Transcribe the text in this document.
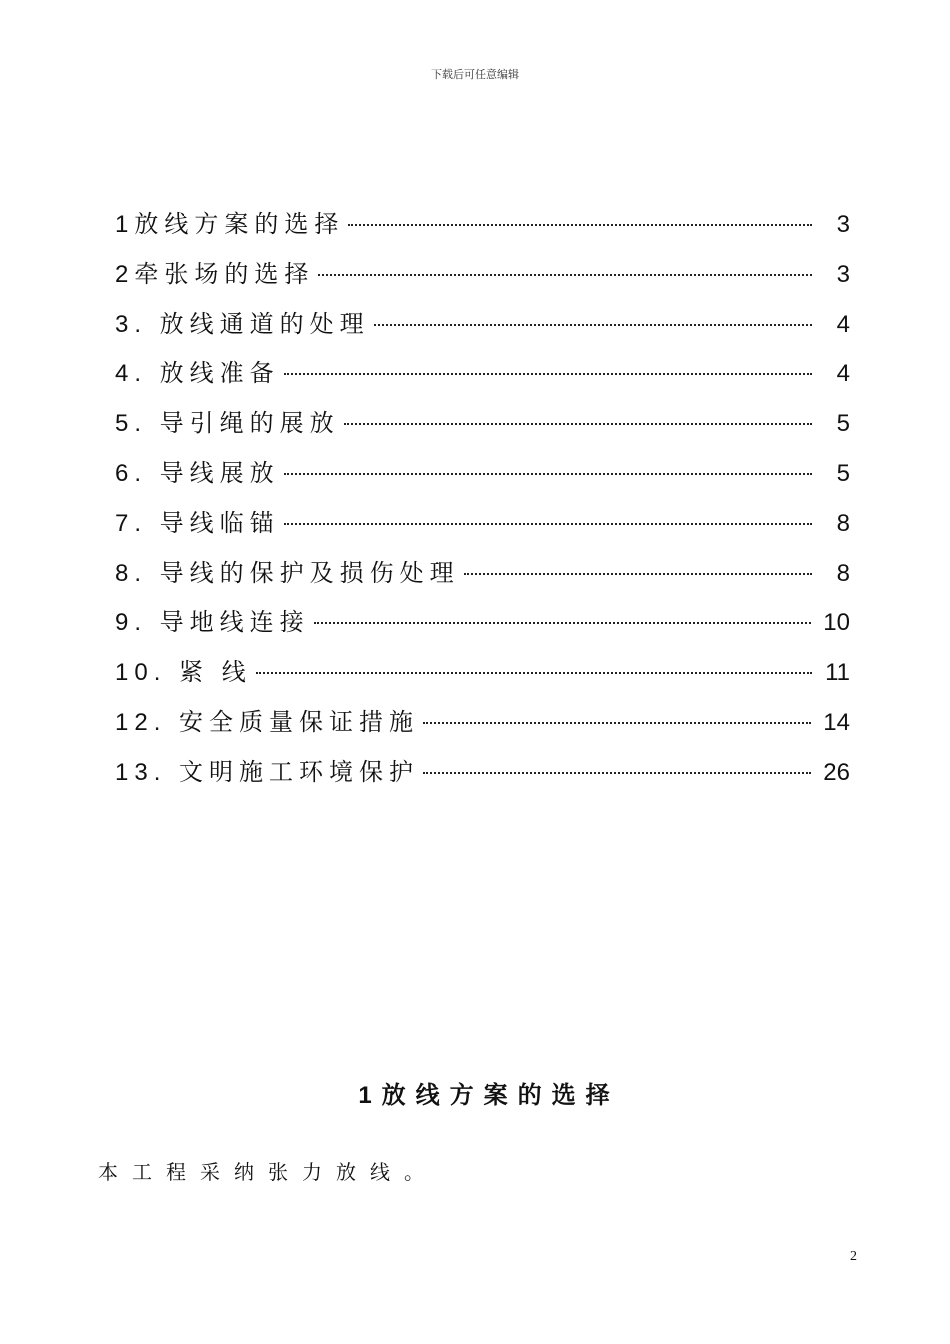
下载后可任意编辑
1放线方案的选择	3
2牵张场的选择	3
3. 放线通道的处理	4
4. 放线准备	4
5. 导引绳的展放	5
6. 导线展放	5
7. 导线临锚	8
8. 导线的保护及损伤处理	8
9. 导地线连接	10
10. 紧 线	11
12. 安全质量保证措施	14
13. 文明施工环境保护	26
1放线方案的选择
本工程采纳张力放线。
2
